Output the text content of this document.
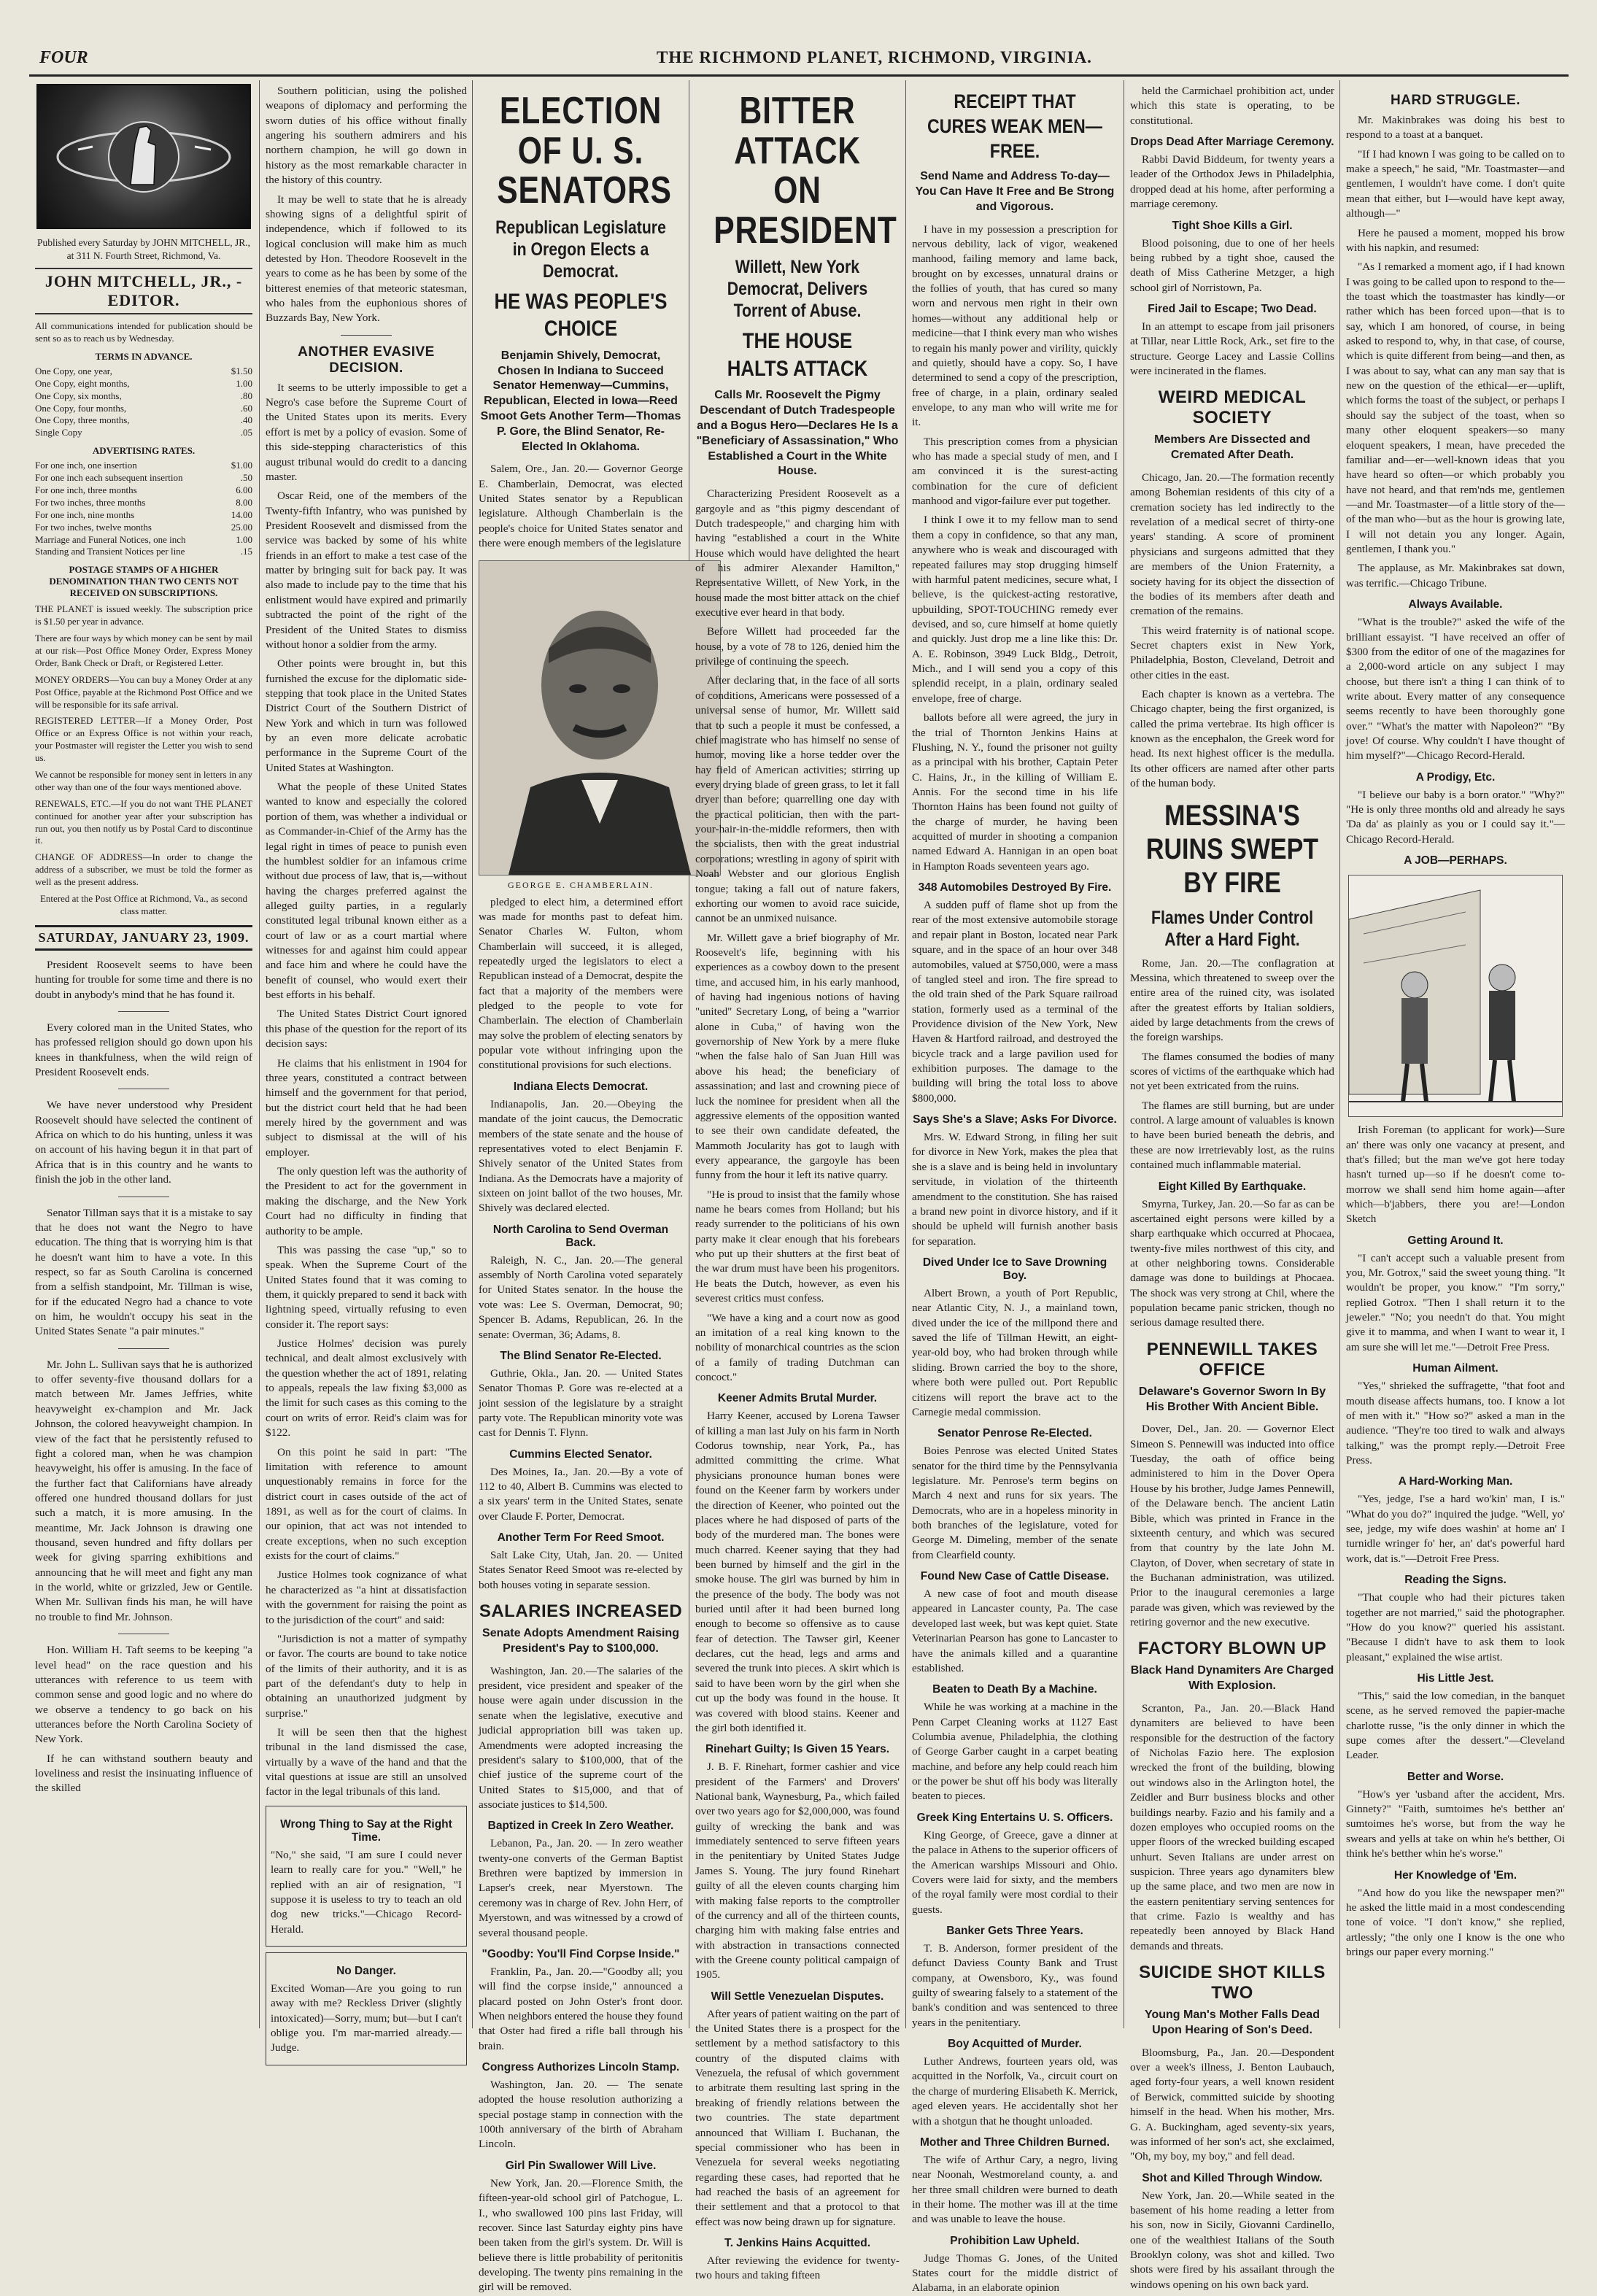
FOUR	THE RICHMOND PLANET, RICHMOND, VIRGINIA.
Published every Saturday by JOHN MITCHELL, JR., at 311 N. Fourth Street, Richmond, Va.
JOHN MITCHELL, JR., - EDITOR.
All communications intended for publication should be sent so as to reach us by Wednesday.
TERMS IN ADVANCE.
One Copy, one year,	$1.50
One Copy, eight months,	1.00
One Copy, six months,	.80
One Copy, four months,	.60
One Copy, three months,	.40
Single Copy	.05
ADVERTISING RATES.
For one inch, one insertion	$1.00
For one inch each subsequent insertion	.50
For one inch, three months	6.00
For two inches, three months	8.00
For one inch, nine months	14.00
For two inches, twelve months	25.00
Marriage and Funeral Notices, one inch	1.00
Standing and Transient Notices per line	.15
POSTAGE STAMPS OF A HIGHER DENOMINATION THAN TWO CENTS NOT RECEIVED ON SUBSCRIPTIONS.
THE PLANET is issued weekly. The subscription price is $1.50 per year in advance.
There are four ways by which money can be sent by mail at our risk—Post Office Money Order, Express Money Order, Bank Check or Draft, or Registered Letter.
MONEY ORDERS—You can buy a Money Order at any Post Office, payable at the Richmond Post Office and we will be responsible for its safe arrival.
REGISTERED LETTER—If a Money Order, Post Office or an Express Office is not within your reach, your Postmaster will register the Letter you wish to send us.
We cannot be responsible for money sent in letters in any other way than one of the four ways mentioned above.
RENEWALS, ETC.—If you do not want THE PLANET continued for another year after your subscription has run out, you then notify us by Postal Card to discontinue it.
CHANGE OF ADDRESS—In order to change the address of a subscriber, we must be told the former as well as the present address.
Entered at the Post Office at Richmond, Va., as second class matter.
SATURDAY, JANUARY 23, 1909.

President Roosevelt seems to have been hunting for trouble for some time and there is no doubt in anybody's mind that he has found it.

Every colored man in the United States, who has professed religion should go down upon his knees in thankfulness, when the wild reign of President Roosevelt ends.

We have never understood why President Roosevelt should have selected the continent of Africa on which to do his hunting, unless it was on account of his having begun it in that part of Africa that is in this country and he wants to finish the job in the other land.

Senator Tillman says that it is a mistake to say that he does not want the Negro to have education. The thing that is worrying him is that he doesn't want him to have a vote. In this respect, so far as South Carolina is concerned from a selfish standpoint, Mr. Tillman is wise, for if the educated Negro had a chance to vote on him, he wouldn't occupy his seat in the United States Senate "a pair minutes."

Mr. John L. Sullivan says that he is authorized to offer seventy-five thousand dollars for a match between Mr. James Jeffries, white heavyweight ex-champion and Mr. Jack Johnson, the colored heavyweight champion. In view of the fact that he persistently refused to fight a colored man, when he was champion heavyweight, his offer is amusing. In the face of the further fact that Californians have already offered one hundred thousand dollars for just such a match, it is more amusing. In the meantime, Mr. Jack Johnson is drawing one thousand, seven hundred and fifty dollars per week for giving sparring exhibitions and announcing that he will meet and fight any man in the world, white or grizzled, Jew or Gentile. When Mr. Sullivan finds his man, he will have no trouble to find Mr. Johnson.

Hon. William H. Taft seems to be keeping "a level head" on the race question and his utterances with reference to us teem with common sense and good logic and no where do we observe a tendency to go back on his utterances before the North Carolina Society of New York.

If he can withstand southern beauty and loveliness and resist the insinuating influence of the skilled

Southern politician, using the polished weapons of diplomacy and performing the sworn duties of his office without finally angering his southern admirers and his northern champion, he will go down in history as the most remarkable character in the history of this country.

It may be well to state that he is already showing signs of a delightful spirit of independence, which if followed to its logical conclusion will make him as much detested by Hon. Theodore Roosevelt in the years to come as he has been by some of the bitterest enemies of that meteoric statesman, who hales from the euphonious shores of Buzzards Bay, New York.

ANOTHER EVASIVE DECISION.

It seems to be utterly impossible to get a Negro's case before the Supreme Court of the United States upon its merits. Every effort is met by a policy of evasion. Some of this side-stepping characteristics of this august tribunal would do credit to a dancing master.

Oscar Reid, one of the members of the Twenty-fifth Infantry, who was punished by President Roosevelt and dismissed from the service was backed by some of his white friends in an effort to make a test case of the matter by bringing suit for back pay. It was also made to include pay to the time that his enlistment would have expired and primarily subtracted the point of the right of the President of the United States to dismiss without honor a soldier from the army.

Other points were brought in, but this furnished the excuse for the diplomatic side-stepping that took place in the United States District Court of the Southern District of New York and which in turn was followed by an even more delicate acrobatic performance in the Supreme Court of the United States at Washington.

What the people of these United States wanted to know and especially the colored portion of them, was whether a individual or as Commander-in-Chief of the Army has the legal right in times of peace to punish even the humblest soldier for an infamous crime without due process of law, that is,—without having the charges preferred against the alleged guilty parties, in a regularly constituted legal tribunal known either as a court of law or as a court martial where witnesses for and against him could appear and face him and where he could have the benefit of counsel, who would exert their best efforts in his behalf.

The United States District Court ignored this phase of the question for the report of its decision says:

He claims that his enlistment in 1904 for three years, constituted a contract between himself and the government for that period, but the district court held that he had been merely hired by the government and was subject to dismissal at the will of his employer.

The only question left was the authority of the President to act for the government in making the discharge, and the New York Court had no difficulty in finding that authority to be ample.

This was passing the case "up," so to speak. When the Supreme Court of the United States found that it was coming to them, it quickly prepared to send it back with lightning speed, virtually refusing to even consider it. The report says:

Justice Holmes' decision was purely technical, and dealt almost exclusively with the question whether the act of 1891, relating to appeals, repeals the law fixing $3,000 as the limit for such cases as this coming to the court on writs of error. Reid's claim was for $122.

On this point he said in part: "The limitation with reference to amount unquestionably remains in force for the district court in cases outside of the act of 1891, as well as for the court of claims. In our opinion, that act was not intended to create exceptions, when no such exception exists for the court of claims."

Justice Holmes took cognizance of what he characterized as "a hint at dissatisfaction with the government for raising the point as to the jurisdiction of the court" and said:

"Jurisdiction is not a matter of sympathy or favor. The courts are bound to take notice of the limits of their authority, and it is as part of the defendant's duty to help in obtaining an unauthorized judgment by surprise."

It will be seen then that the highest tribunal in the land dismissed the case, virtually by a wave of the hand and that the vital questions at issue are still an unsolved factor in the legal tribunals of this land.

Wrong Thing to Say at the Right Time.

"No," she said, "I am sure I could never learn to really care for you." "Well," he replied with an air of resignation, "I suppose it is useless to try to teach an old dog new tricks."—Chicago Record-Herald.

No Danger.

Excited Woman—Are you going to run away with me? Reckless Driver (slightly intoxicated)—Sorry, mum; but—but I can't oblige you. I'm mar-married already.—Judge.

ELECTION OF U. S. SENATORS
Republican Legislature in Oregon Elects a Democrat.
HE WAS PEOPLE'S CHOICE
Benjamin Shively, Democrat, Chosen In Indiana to Succeed Senator Hemenway—Cummins, Republican, Elected in Iowa—Reed Smoot Gets Another Term—Thomas P. Gore, the Blind Senator, Re-Elected In Oklahoma.

Salem, Ore., Jan. 20.— Governor George E. Chamberlain, Democrat, was elected United States senator by a Republican legislature. Although Chamberlain is the people's choice for United States senator and there were enough members of the legislature

GEORGE E. CHAMBERLAIN.

pledged to elect him, a determined effort was made for months past to defeat him. Senator Charles W. Fulton, whom Chamberlain will succeed, it is alleged, repeatedly urged the legislators to elect a Republican instead of a Democrat, despite the fact that a majority of the members were pledged to the people to vote for Chamberlain. The election of Chamberlain may solve the problem of electing senators by popular vote without infringing upon the constitutional provisions for such elections.

Indiana Elects Democrat.

Indianapolis, Jan. 20.—Obeying the mandate of the joint caucus, the Democratic members of the state senate and the house of representatives voted to elect Benjamin F. Shively senator of the United States from Indiana. As the Democrats have a majority of sixteen on joint ballot of the two houses, Mr. Shively was declared elected.

North Carolina to Send Overman Back.

Raleigh, N. C., Jan. 20.—The general assembly of North Carolina voted separately for United States senator. In the house the vote was: Lee S. Overman, Democrat, 90; Spencer B. Adams, Republican, 26. In the senate: Overman, 36; Adams, 8.

The Blind Senator Re-Elected.

Guthrie, Okla., Jan. 20. — United States Senator Thomas P. Gore was re-elected at a joint session of the legislature by a straight party vote. The Republican minority vote was cast for Dennis T. Flynn.

Cummins Elected Senator.

Des Moines, Ia., Jan. 20.—By a vote of 112 to 40, Albert B. Cummins was elected to a six years' term in the United States, senate over Claude F. Porter, Democrat.

Another Term For Reed Smoot.

Salt Lake City, Utah, Jan. 20. — United States Senator Reed Smoot was re-elected by both houses voting in separate session.

SALARIES INCREASED
Senate Adopts Amendment Raising President's Pay to $100,000.

Washington, Jan. 20.—The salaries of the president, vice president and speaker of the house were again under discussion in the senate when the legislative, executive and judicial appropriation bill was taken up. Amendments were adopted increasing the president's salary to $100,000, that of the chief justice of the supreme court of the United States to $15,000, and that of associate justices to $14,500.

Baptized in Creek In Zero Weather.

Lebanon, Pa., Jan. 20. — In zero weather twenty-one converts of the German Baptist Brethren were baptized by immersion in Lapser's creek, near Myerstown. The ceremony was in charge of Rev. John Herr, of Myerstown, and was witnessed by a crowd of several thousand people.

"Goodby: You'll Find Corpse Inside."

Franklin, Pa., Jan. 20.—"Goodby all; you will find the corpse inside," announced a placard posted on John Oster's front door. When neighbors entered the house they found that Oster had fired a rifle ball through his brain.

Congress Authorizes Lincoln Stamp.

Washington, Jan. 20. — The senate adopted the house resolution authorizing a special postage stamp in connection with the 100th anniversary of the birth of Abraham Lincoln.

Girl Pin Swallower Will Live.

New York, Jan. 20.—Florence Smith, the fifteen-year-old school girl of Patchogue, L. I., who swallowed 100 pins last Friday, will recover. Since last Saturday eighty pins have been taken from the girl's system. Dr. Will is believe there is little probability of peritonitis developing. The twenty pins remaining in the girl will be removed.

BITTER ATTACK ON PRESIDENT
Willett, New York Democrat, Delivers Torrent of Abuse.
THE HOUSE HALTS ATTACK
Calls Mr. Roosevelt the Pigmy Descendant of Dutch Tradespeople and a Bogus Hero—Declares He Is a "Beneficiary of Assassination," Who Established a Court in the White House.

Characterizing President Roosevelt as a gargoyle and as "this pigmy descendant of Dutch tradespeople," and charging him with having "established a court in the White House which would have delighted the heart of his admirer Alexander Hamilton," Representative Willett, of New York, in the house made the most bitter attack on the chief executive ever heard in that body.

Before Willett had proceeded far the house, by a vote of 78 to 126, denied him the privilege of continuing the speech.

After declaring that, in the face of all sorts of conditions, Americans were possessed of a universal sense of humor, Mr. Willett said that to such a people it must be confessed, a chief magistrate who has himself no sense of humor, moving like a horse tedder over the hay field of American activities; stirring up every drying blade of green grass, to let it fall dryer than before; quarrelling one day with the practical politician, then with the part-your-hair-in-the-middle reformers, then with the socialists, then with the great industrial corporations; wrestling in agony of spirit with Noah Webster and our glorious English tongue; taking a fall out of nature fakers, exhorting our women to avoid race suicide, cannot be an unmixed nuisance.

Mr. Willett gave a brief biography of Mr. Roosevelt's life, beginning with his experiences as a cowboy down to the present time, and accused him, in his early manhood, of having had ingenious notions of having "united" Secretary Long, of being a "warrior alone in Cuba," of having won the governorship of New York by a mere fluke "when the false halo of San Juan Hill was above his head; the beneficiary of assassination; and last and crowning piece of luck the nominee for president when all the aggressive elements of the opposition wanted to see their own candidate defeated, the Mammoth Jocularity has got to laugh with every appearance, the gargoyle has been funny from the hour it left its native quarry.

"He is proud to insist that the family whose name he bears comes from Holland; but his ready surrender to the politicians of his own party make it clear enough that his forebears who put up their shutters at the first beat of the war drum must have been his progenitors. He beats the Dutch, however, as even his severest critics must confess.

"We have a king and a court now as good an imitation of a real king known to the nobility of monarchical countries as the scion of a family of trading Dutchman can concoct."

Keener Admits Brutal Murder.

Harry Keener, accused by Lorena Tawser of killing a man last July on his farm in North Codorus township, near York, Pa., has admitted committing the crime. What physicians pronounce human bones were found on the Keener farm by workers under the direction of Keener, who pointed out the places where he had disposed of parts of the body of the murdered man. The bones were much charred. Keener saying that they had been burned by himself and the girl in the smoke house. The girl was burned by him in the presence of the body. The body was not buried until after it had been burned long enough to become so offensive as to cause fear of detection. The Tawser girl, Keener declares, cut the head, legs and arms and severed the trunk into pieces. A skirt which is said to have been worn by the girl when she cut up the body was found in the house. It was covered with blood stains. Keener and the girl both identified it.

Rinehart Guilty; Is Given 15 Years.

J. B. F. Rinehart, former cashier and vice president of the Farmers' and Drovers' National bank, Waynesburg, Pa., which failed over two years ago for $2,000,000, was found guilty of wrecking the bank and was immediately sentenced to serve fifteen years in the penitentiary by United States Judge James S. Young. The jury found Rinehart guilty of all the eleven counts charging him with making false reports to the comptroller of the currency and all of the thirteen counts, charging him with making false entries and with abstraction in transactions connected with the Greene county political campaign of 1905.

Will Settle Venezuelan Disputes.

After years of patient waiting on the part of the United States there is a prospect for the settlement by a method satisfactory to this country of the disputed claims with Venezuela, the refusal of which government to arbitrate them resulting last spring in the breaking of friendly relations between the two countries. The state department announced that William I. Buchanan, the special commissioner who has been in Venezuela for several weeks negotiating regarding these cases, had reported that he had reached the basis of an agreement for their settlement and that a protocol to that effect was now being drawn up for signature.

T. Jenkins Hains Acquitted.

After reviewing the evidence for twenty-two hours and taking fifteen

RECEIPT THAT CURES WEAK MEN—FREE.
Send Name and Address To-day—You Can Have It Free and Be Strong and Vigorous.

I have in my possession a prescription for nervous debility, lack of vigor, weakened manhood, failing memory and lame back, brought on by excesses, unnatural drains or the follies of youth, that has cured so many worn and nervous men right in their own homes—without any additional help or medicine—that I think every man who wishes to regain his manly power and virility, quickly and quietly, should have a copy. So, I have determined to send a copy of the prescription, free of charge, in a plain, ordinary sealed envelope, to any man who will write me for it.

This prescription comes from a physician who has made a special study of men, and I am convinced it is the surest-acting combination for the cure of deficient manhood and vigor-failure ever put together.

I think I owe it to my fellow man to send them a copy in confidence, so that any man, anywhere who is weak and discouraged with repeated failures may stop drugging himself with harmful patent medicines, secure what, I believe, is the quickest-acting restorative, upbuilding, SPOT-TOUCHING remedy ever devised, and so, cure himself at home quietly and quickly. Just drop me a line like this: Dr. A. E. Robinson, 3949 Luck Bldg., Detroit, Mich., and I will send you a copy of this splendid receipt, in a plain, ordinary sealed envelope, free of charge.

ballots before all were agreed, the jury in the trial of Thornton Jenkins Hains at Flushing, N. Y., found the prisoner not guilty as a principal with his brother, Captain Peter C. Hains, Jr., in the killing of William E. Annis. For the second time in his life Thornton Hains has been found not guilty of the charge of murder, he having been acquitted of murder in shooting a companion named Edward A. Hannigan in an open boat in Hampton Roads seventeen years ago.

348 Automobiles Destroyed By Fire.

A sudden puff of flame shot up from the rear of the most extensive automobile storage and repair plant in Boston, located near Park square, and in the space of an hour over 348 automobiles, valued at $750,000, were a mass of tangled steel and iron. The fire spread to the old train shed of the Park Square railroad station, formerly used as a terminal of the Providence division of the New York, New Haven & Hartford railroad, and destroyed the bicycle track and a large pavilion used for exhibition purposes. The damage to the building will bring the total loss to above $800,000.

Says She's a Slave; Asks For Divorce.

Mrs. W. Edward Strong, in filing her suit for divorce in New York, makes the plea that she is a slave and is being held in involuntary servitude, in violation of the thirteenth amendment to the constitution. She has raised a brand new point in divorce history, and if it should be upheld will furnish another basis for separation.

Dived Under Ice to Save Drowning Boy.

Albert Brown, a youth of Port Republic, near Atlantic City, N. J., a mainland town, dived under the ice of the millpond there and saved the life of Tillman Hewitt, an eight-year-old boy, who had broken through while sliding. Brown carried the boy to the shore, where both were pulled out. Port Republic citizens will report the brave act to the Carnegie medal commission.

Senator Penrose Re-Elected.

Boies Penrose was elected United States senator for the third time by the Pennsylvania legislature. Mr. Penrose's term begins on March 4 next and runs for six years. The Democrats, who are in a hopeless minority in both branches of the legislature, voted for George M. Dimeling, member of the senate from Clearfield county.

Found New Case of Cattle Disease.

A new case of foot and mouth disease appeared in Lancaster county, Pa. The case developed last week, but was kept quiet. State Veterinarian Pearson has gone to Lancaster to have the animals killed and a quarantine established.

Beaten to Death By a Machine.

While he was working at a machine in the Penn Carpet Cleaning works at 1127 East Columbia avenue, Philadelphia, the clothing of George Garber caught in a carpet beating machine, and before any help could reach him or the power be shut off his body was literally beaten to pieces.

Greek King Entertains U. S. Officers.

King George, of Greece, gave a dinner at the palace in Athens to the superior officers of the American warships Missouri and Ohio. Covers were laid for sixty, and the members of the royal family were most cordial to their guests.

Banker Gets Three Years.

T. B. Anderson, former president of the defunct Daviess County Bank and Trust company, at Owensboro, Ky., was found guilty of swearing falsely to a statement of the bank's condition and was sentenced to three years in the penitentiary.

Boy Acquitted of Murder.

Luther Andrews, fourteen years old, was acquitted in the Norfolk, Va., circuit court on the charge of murdering Elisabeth K. Merrick, aged eleven years. He accidentally shot her with a shotgun that he thought unloaded.

Mother and Three Children Burned.

The wife of Arthur Cary, a negro, living near Noonah, Westmoreland county, a. and her three small children were burned to death in their home. The mother was ill at the time and was unable to leave the house.

Prohibition Law Upheld.

Judge Thomas G. Jones, of the United States court for the middle district of Alabama, in an elaborate opinion

held the Carmichael prohibition act, under which this state is operating, to be constitutional.

Drops Dead After Marriage Ceremony.

Rabbi David Biddeum, for twenty years a leader of the Orthodox Jews in Philadelphia, dropped dead at his home, after performing a marriage ceremony.

Tight Shoe Kills a Girl.

Blood poisoning, due to one of her heels being rubbed by a tight shoe, caused the death of Miss Catherine Metzger, a high school girl of Norristown, Pa.

Fired Jail to Escape; Two Dead.

In an attempt to escape from jail prisoners at Tillar, near Little Rock, Ark., set fire to the structure. George Lacey and Lassie Collins were incinerated in the flames.

WEIRD MEDICAL SOCIETY
Members Are Dissected and Cremated After Death.

Chicago, Jan. 20.—The formation recently among Bohemian residents of this city of a cremation society has led indirectly to the revelation of a medical secret of thirty-one years' standing. A score of prominent physicians and surgeons admitted that they are members of the Union Fraternity, a society having for its object the dissection of the bodies of its members after death and cremation of the remains.

This weird fraternity is of national scope. Secret chapters exist in New York, Philadelphia, Boston, Cleveland, Detroit and other cities in the east.

Each chapter is known as a vertebra. The Chicago chapter, being the first organized, is called the prima vertebrae. Its high officer is known as the encephalon, the Greek word for head. Its next highest officer is the medulla. Its other officers are named after other parts of the human body.

MESSINA'S RUINS SWEPT BY FIRE
Flames Under Control After a Hard Fight.

Rome, Jan. 20.—The conflagration at Messina, which threatened to sweep over the entire area of the ruined city, was isolated after the greatest efforts by Italian soldiers, aided by large detachments from the crews of the foreign warships.

The flames consumed the bodies of many scores of victims of the earthquake which had not yet been extricated from the ruins.

The flames are still burning, but are under control. A large amount of valuables is known to have been buried beneath the debris, and these are now irretrievably lost, as the ruins contained much inflammable material.

Eight Killed By Earthquake.

Smyrna, Turkey, Jan. 20.—So far as can be ascertained eight persons were killed by a sharp earthquake which occurred at Phocaea, twenty-five miles northwest of this city, and at other neighboring towns. Considerable damage was done to buildings at Phocaea. The shock was very strong at Chil, where the population became panic stricken, though no serious damage resulted there.

PENNEWILL TAKES OFFICE
Delaware's Governor Sworn In By His Brother With Ancient Bible.

Dover, Del., Jan. 20. — Governor Elect Simeon S. Pennewill was inducted into office Tuesday, the oath of office being administered to him in the Dover Opera House by his brother, Judge James Pennewill, of the Delaware bench. The ancient Latin Bible, which was printed in France in the sixteenth century, and which was secured from that country by the late John M. Clayton, of Dover, when secretary of state in the Buchanan administration, was utilized. Prior to the inaugural ceremonies a large parade was given, which was reviewed by the retiring governor and the new executive.

FACTORY BLOWN UP
Black Hand Dynamiters Are Charged With Explosion.

Scranton, Pa., Jan. 20.—Black Hand dynamiters are believed to have been responsible for the destruction of the factory of Nicholas Fazio here. The explosion wrecked the front of the building, blowing out windows also in the Arlington hotel, the Zeidler and Burr business blocks and other buildings nearby. Fazio and his family and a dozen employes who occupied rooms on the upper floors of the wrecked building escaped unhurt. Seven Italians are under arrest on suspicion. Three years ago dynamiters blew up the same place, and two men are now in the eastern penitentiary serving sentences for that crime. Fazio is wealthy and has repeatedly been annoyed by Black Hand demands and threats.

SUICIDE SHOT KILLS TWO
Young Man's Mother Falls Dead Upon Hearing of Son's Deed.

Bloomsburg, Pa., Jan. 20.—Despondent over a week's illness, J. Benton Laubauch, aged forty-four years, a well known resident of Berwick, committed suicide by shooting himself in the head. When his mother, Mrs. G. A. Buckingham, aged seventy-six years, was informed of her son's act, she exclaimed, "Oh, my boy, my boy," and fell dead.

Shot and Killed Through Window.

New York, Jan. 20.—While seated in the basement of his home reading a letter from his son, now in Sicily, Giovanni Cardinello, one of the wealthiest Italians of the South Brooklyn colony, was shot and killed. Two shots were fired by his assailant through the windows opening on his own back yard.

HARD STRUGGLE.

Mr. Makinbrakes was doing his best to respond to a toast at a banquet.

"If I had known I was going to be called on to make a speech," he said, "Mr. Toastmaster—and gentlemen, I wouldn't have come. I don't quite mean that either, but I—would have kept away, although—"

Here he paused a moment, mopped his brow with his napkin, and resumed:

"As I remarked a moment ago, if I had known I was going to be called upon to respond to the—the toast which the toastmaster has kindly—or rather which has been forced upon—that is to say, which I am honored, of course, in being asked to respond to, why, in that case, of course, which is quite different from being—and then, as I was about to say, what can any man say that is new on the question of the ethical—er—uplift, which forms the toast of the subject, or perhaps I should say the subject of the toast, when so many other eloquent speakers—so many eloquent speakers, I mean, have preceded the familiar and—er—well-known ideas that you have heard so often—or which probably you have not heard, and that rem'nds me, gentlemen—and Mr. Toastmaster—of a little story of the—of the man who—but as the hour is growing late, I will not detain you any longer. Again, gentlemen, I thank you."

The applause, as Mr. Makinbrakes sat down, was terrific.—Chicago Tribune.

Always Available.

"What is the trouble?" asked the wife of the brilliant essayist. "I have received an offer of $300 from the editor of one of the magazines for a 2,000-word article on any subject I may choose, but there isn't a thing I can think of to write about. Every matter of any consequence seems recently to have been thoroughly gone over." "What's the matter with Napoleon?" "By jove! Of course. Why couldn't I have thought of him myself?"—Chicago Record-Herald.

A Prodigy, Etc.

"I believe our baby is a born orator." "Why?" "He is only three months old and already he says 'Da da' as plainly as you or I could say it."—Chicago Record-Herald.

A JOB—PERHAPS.

Irish Foreman (to applicant for work)—Sure an' there was only one vacancy at present, and that's filled; but the man we've got here today hasn't turned up—so if he doesn't come to-morrow we shall send him home again—after which—b'jabbers, there you are!—London Sketch

Getting Around It.

"I can't accept such a valuable present from you, Mr. Gotrox," said the sweet young thing. "It wouldn't be proper, you know." "I'm sorry," replied Gotrox. "Then I shall return it to the jeweler." "No; you needn't do that. You might give it to mamma, and when I want to wear it, I am sure she will let me."—Detroit Free Press.

Human Ailment.

"Yes," shrieked the suffragette, "that foot and mouth disease affects humans, too. I know a lot of men with it." "How so?" asked a man in the audience. "They're too tired to walk and always talking," was the prompt reply.—Detroit Free Press.

A Hard-Working Man.

"Yes, jedge, I'se a hard wo'kin' man, I is." "What do you do?" inquired the judge. "Well, yo' see, jedge, my wife does washin' at home an' I turnidle wringer fo' her, an' dat's powerful hard work, dat is."—Detroit Free Press.

Reading the Signs.

"That couple who had their pictures taken together are not married," said the photographer. "How do you know?" queried his assistant. "Because I didn't have to ask them to look pleasant," explained the wise artist.

His Little Jest.

"This," said the low comedian, in the banquet scene, as he served removed the papier-mache charlotte russe, "is the only dinner in which the supe comes after the dessert."—Cleveland Leader.

Better and Worse.

"How's yer 'usband after the accident, Mrs. Ginnety?" "Faith, sumtoimes he's betther an' sumtoimes he's worse, but from the way he swears and yells at take on whin he's betther, Oi think he's betther whin he's worse."

Her Knowledge of 'Em.

"And how do you like the newspaper men?" he asked the little maid in a most condescending tone of voice. "I don't know," she replied, artlessly; "the only one I know is the one who brings our paper every morning."
